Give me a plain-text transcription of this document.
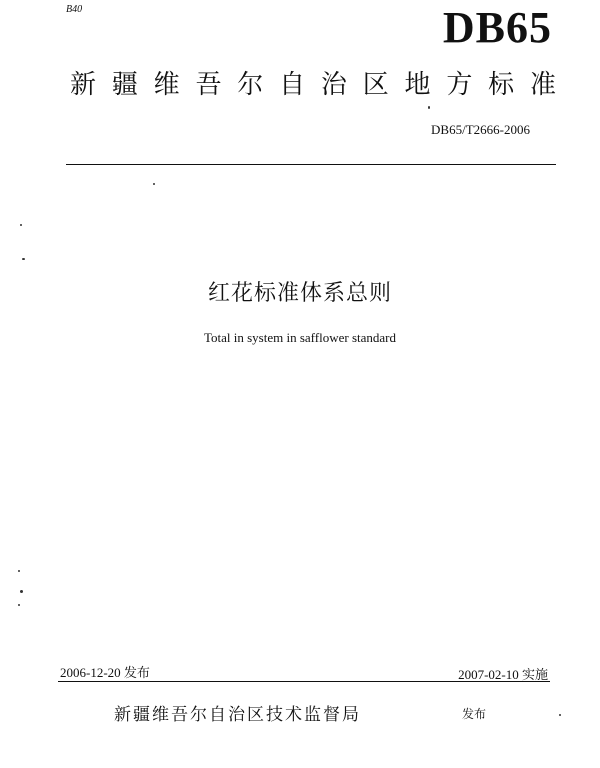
B40	DB65
新疆维吾尔自治区地方标准
DB65/T2666-2006
红花标准体系总则
Total in system in safflower standard
2006-12-20 发布	2007-02-10 实施
新疆维吾尔自治区技术监督局	发布
